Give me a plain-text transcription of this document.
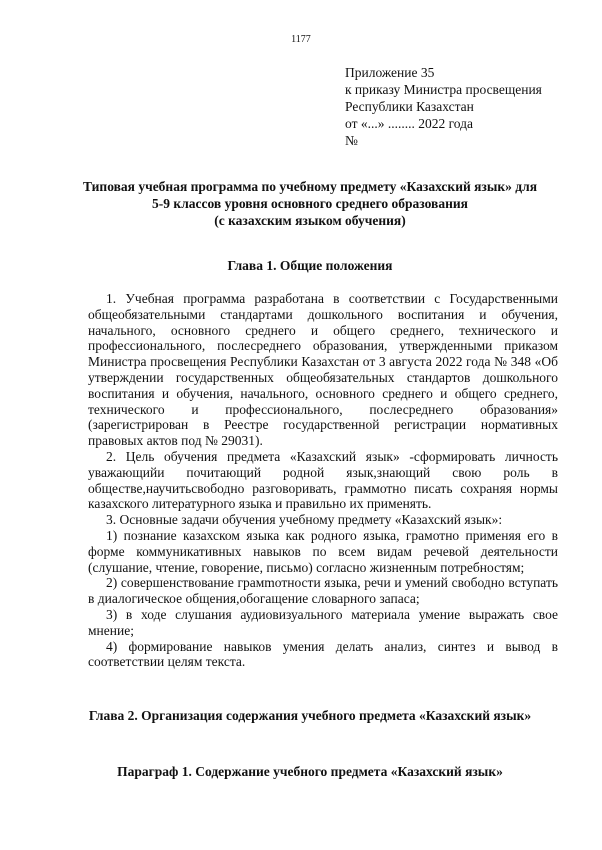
1177
Приложение 35
к приказу Министра просвещения
Республики Казахстан
от «...» ........ 2022 года
№
Типовая учебная программа по учебному предмету «Казахский язык» для
5-9 классов уровня основного среднего образования
(с казахским языком обучения)
Глава 1. Общие положения

1. Учебная программа разработана в соответствии с Государственными общеобязательными стандартами дошкольного воспитания и обучения, начального, основного среднего и общего среднего, технического и профессионального, послесреднего образования, утвержденными приказом Министра просвещения Республики Казахстан от 3 августа 2022 года № 348 «Об утверждении государственных общеобязательных стандартов дошкольного воспитания и обучения, начального, основного среднего и общего среднего, технического и профессионального, послесреднего образования» (зарегистрирован в Реестре государственной регистрации нормативных правовых актов под № 29031).

2. Цель обучения предмета «Казахский язык» -сформировать личность уважающийи почитающий родной язык,знающий свою роль в обществе,научитьсвободно разговоривать, граммотно писать сохраняя нормы казахского литературного языка и правильно их применять.

3. Основные задачи обучения учебному предмету «Казахский язык»:

1) познание казахском языка как родного языка, грамотно применяя его в форме коммуникативных навыков по всем видам речевой деятельности (слушание, чтение, говорение, письмо) согласно жизненным потребностям;

2) совершенствование грамmотности языка, речи и умений свободно вступать в диалогическое общения,обогащение словарного запаса;

3) в ходе слушания аудиовизуального материала умение выражать свое мнение;

4) формирование навыков умения делать анализ, синтез и вывод в соответствии целям текста.

Глава 2. Организация содержания учебного предмета «Казахский язык»
Параграф 1. Содержание учебного предмета «Казахский язык»
